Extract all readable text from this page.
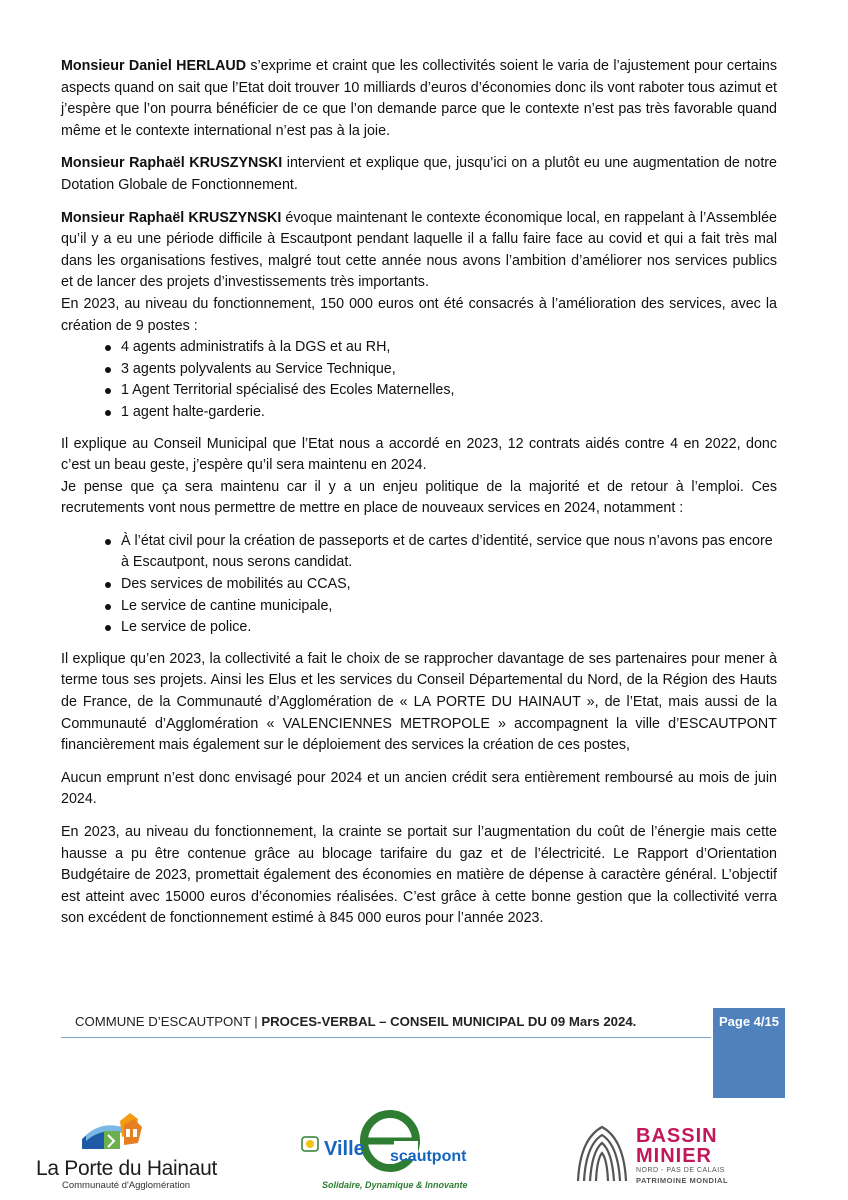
Monsieur Daniel HERLAUD s’exprime et craint que les collectivités soient le varia de l’ajustement pour certains aspects quand on sait que l’Etat doit trouver 10 milliards d’euros d’économies donc ils vont raboter tous azimut et j’espère que l’on pourra bénéficier de ce que l’on demande parce que le contexte n’est pas très favorable quand même et le contexte international n’est pas à la joie.

Monsieur Raphaël KRUSZYNSKI intervient et explique que, jusqu’ici on a plutôt eu une augmentation de notre Dotation Globale de Fonctionnement.

Monsieur Raphaël KRUSZYNSKI évoque maintenant le contexte économique local, en rappelant à l’Assemblée qu’il y a eu une période difficile à Escautpont pendant laquelle il a fallu faire face au covid et qui a fait très mal dans les organisations festives, malgré tout cette année nous avons l’ambition d’améliorer nos services publics et de lancer des projets d’investissements très importants.

En 2023, au niveau du fonctionnement, 150 000 euros ont été consacrés à l’amélioration des services, avec la création de 9 postes :

4 agents administratifs à la DGS et au RH,
3 agents polyvalents au Service Technique,
1 Agent Territorial spécialisé des Ecoles Maternelles,
1 agent halte-garderie.

Il explique au Conseil Municipal que l’Etat nous a accordé en 2023, 12 contrats aidés contre 4 en 2022, donc c’est un beau geste, j’espère qu’il sera maintenu en 2024.

Je pense que ça sera maintenu car il y a un enjeu politique de la majorité et de retour à l’emploi. Ces recrutements vont nous permettre de mettre en place de nouveaux services en 2024, notamment :

À l’état civil pour la création de passeports et de cartes d’identité, service que nous n’avons pas encore à Escautpont, nous serons candidat.
Des services de mobilités au CCAS,
Le service de cantine municipale,
Le service de police.

Il explique qu’en 2023, la collectivité a fait le choix de se rapprocher davantage de ses partenaires pour mener à terme tous ses projets. Ainsi les Elus et les services du Conseil Départemental du Nord, de la Région des Hauts de France, de la Communauté d’Agglomération de « LA PORTE DU HAINAUT », de l’Etat, mais aussi de la Communauté d’Agglomération « VALENCIENNES METROPOLE » accompagnent la ville d’ESCAUTPONT financièrement mais également sur le déploiement des services la création de ces postes,

Aucun emprunt n’est donc envisagé pour 2024 et un ancien crédit sera entièrement remboursé au mois de juin 2024.

En 2023, au niveau du fonctionnement, la crainte se portait sur l’augmentation du coût de l’énergie mais cette hausse a pu être contenue grâce au blocage tarifaire du gaz et de l’électricité. Le Rapport d’Orientation Budgétaire de 2023, promettait également des économies en matière de dépense à caractère général. L’objectif est atteint avec 15000 euros d’économies réalisées. C’est grâce à cette bonne gestion que la collectivité verra son excédent de fonctionnement estimé à 845 000 euros pour l’année 2023.

COMMUNE D’ESCAUTPONT | PROCES-VERBAL – CONSEIL MUNICIPAL DU 09 Mars 2024.	Page 4/15
La Porte du Hainaut
Communauté d'Agglomération
Ville scautpont
Solidaire, Dynamique & Innovante
BASSIN
MINIER
NORD - PAS DE CALAIS
PATRIMOINE MONDIAL
